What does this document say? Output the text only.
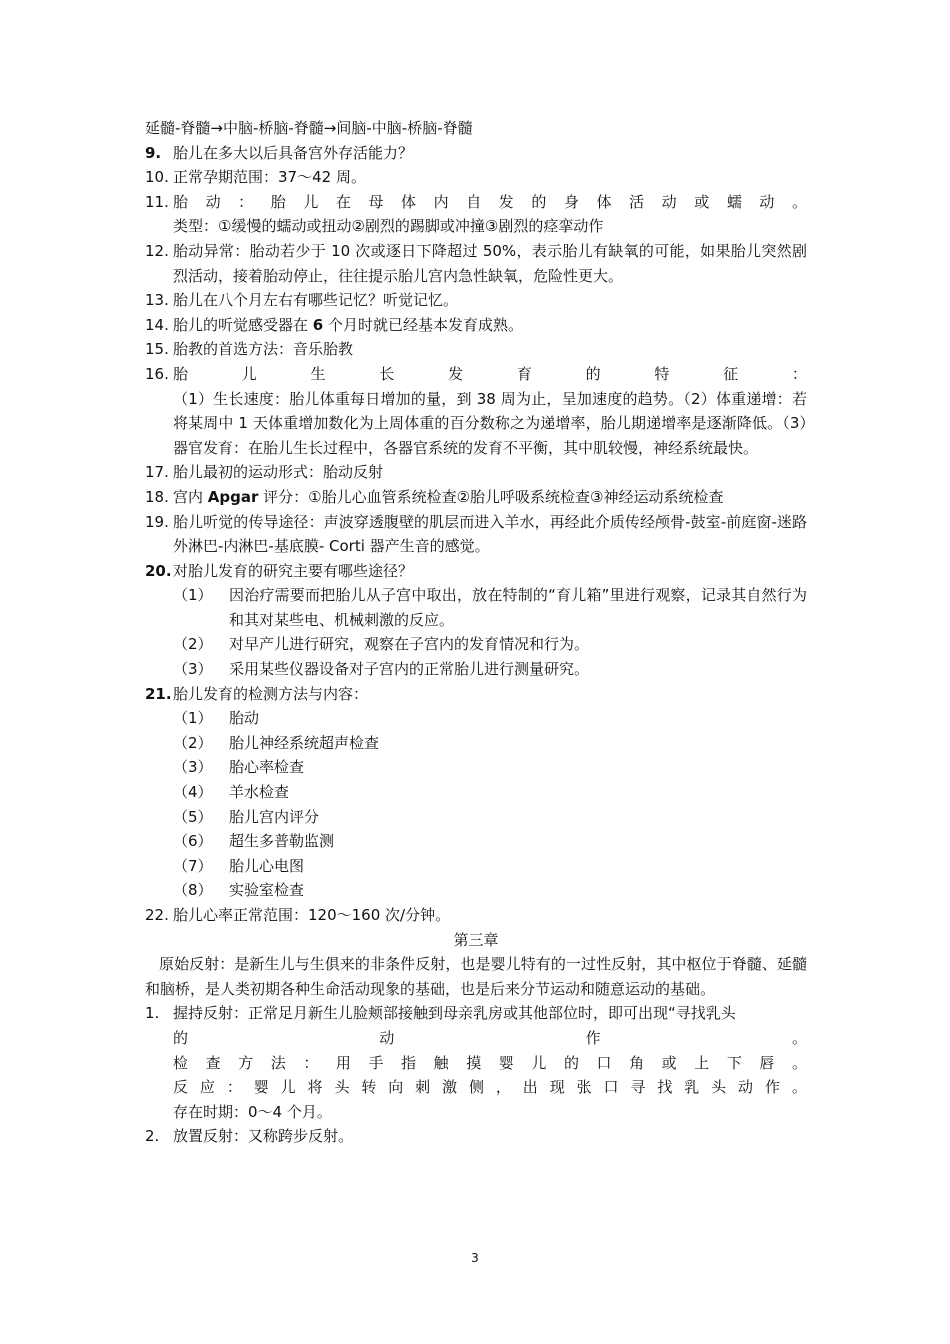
延髓-脊髓→中脑-桥脑-脊髓→间脑-中脑-桥脑-脊髓
9. 胎儿在多大以后具备宫外存活能力？
10. 正常孕期范围：37～42 周。
11. 胎 动 ： 胎 儿 在 母 体 内 自 发 的 身 体 活 动 或 蠕 动 。
类型：①缓慢的蠕动或扭动②剧烈的踢脚或冲撞③剧烈的痉挛动作
12. 胎动异常：胎动若少于 10 次或逐日下降超过 50%，表示胎儿有缺氧的可能，如果胎儿突然剧烈活动，接着胎动停止，往往提示胎儿宫内急性缺氧，危险性更大。
13. 胎儿在八个月左右有哪些记忆？听觉记忆。
14. 胎儿的听觉感受器在 6 个月时就已经基本发育成熟。
15. 胎教的首选方法：音乐胎教
16. 胎	儿	生	长	发	育	的	特	征	：
（1）生长速度：胎儿体重每日增加的量，到 38 周为止，呈加速度的趋势。（2）体重递增：若将某周中 1 天体重增加数化为上周体重的百分数称之为递增率，胎儿期递增率是逐渐降低。（3）器官发育：在胎儿生长过程中，各器官系统的发育不平衡，其中肌较慢，神经系统最快。
17. 胎儿最初的运动形式：胎动反射
18. 宫内 Apgar 评分：①胎儿心血管系统检查②胎儿呼吸系统检查③神经运动系统检查
19. 胎儿听觉的传导途径：声波穿透腹壁的肌层而进入羊水，再经此介质传经颅骨-鼓室-前庭窗-迷路外淋巴-内淋巴-基底膜- Corti 器产生音的感觉。
20. 对胎儿发育的研究主要有哪些途径？
（1）	因治疗需要而把胎儿从子宫中取出，放在特制的“育儿箱”里进行观察，记录其自然行为和其对某些电、机械刺激的反应。
（2）	对早产儿进行研究，观察在子宫内的发育情况和行为。
（3）	采用某些仪器设备对子宫内的正常胎儿进行测量研究。
21. 胎儿发育的检测方法与内容：
（1）	胎动
（2）	胎儿神经系统超声检查
（3）	胎心率检查
（4）	羊水检查
（5）	胎儿宫内评分
（6）	超生多普勒监测
（7）	胎儿心电图
（8）	实验室检查
22. 胎儿心率正常范围：120～160 次/分钟。
第三章
原始反射：是新生儿与生俱来的非条件反射，也是婴儿特有的一过性反射，其中枢位于脊髓、延髓和脑桥，是人类初期各种生命活动现象的基础，也是后来分节运动和随意运动的基础。
1. 握持反射：正常足月新生儿脸颊部接触到母亲乳房或其他部位时，即可出现“寻找乳头
的	动	作	。
检 查 方 法 ： 用 手 指 触 摸 婴 儿 的 口 角 或 上 下 唇 。
反 应 ： 婴 儿 将 头 转 向 刺 激 侧 ， 出 现 张 口 寻 找 乳 头 动 作 。
存在时期：0～4 个月。
2. 放置反射：又称跨步反射。
3
